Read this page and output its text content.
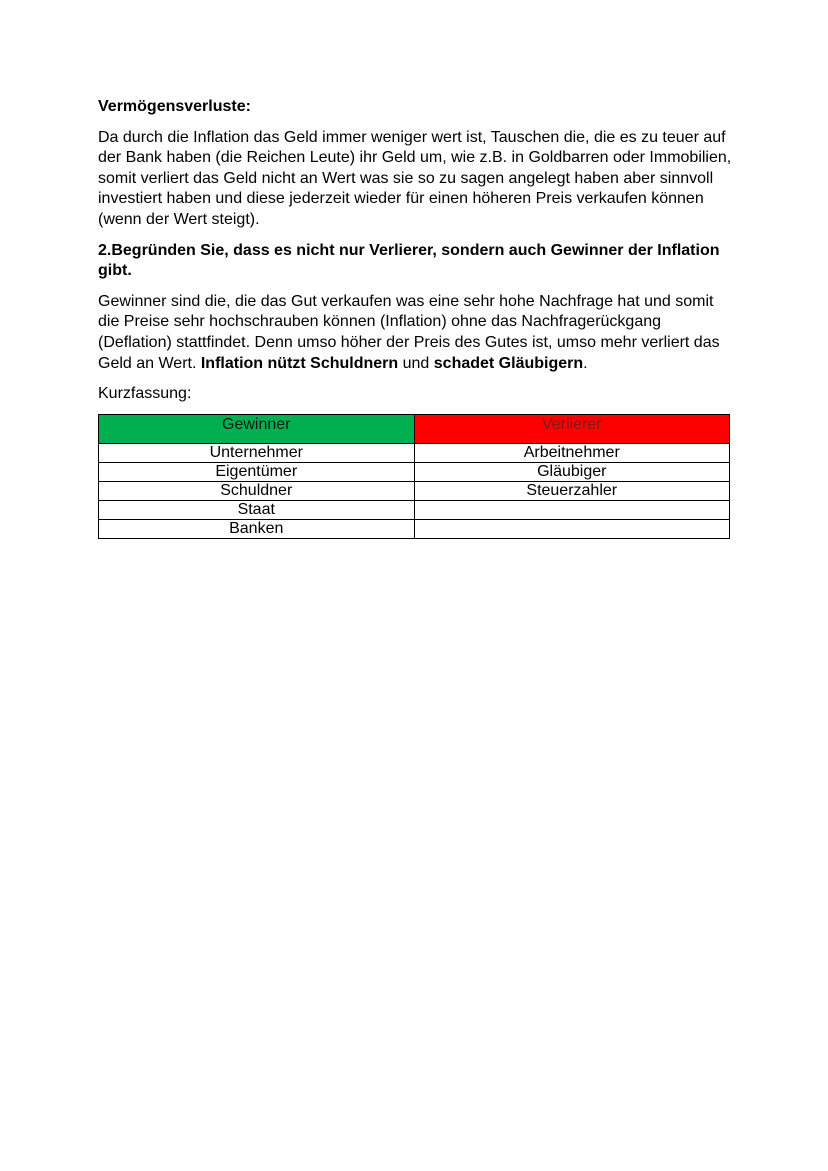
Vermögensverluste:

Da durch die Inflation das Geld immer weniger wert ist, Tauschen die, die es zu teuer auf der Bank haben (die Reichen Leute) ihr Geld um, wie z.B. in Goldbarren oder Immobilien, somit verliert das Geld nicht an Wert was sie so zu sagen angelegt haben aber sinnvoll investiert haben und diese jederzeit wieder für einen höheren Preis verkaufen können (wenn der Wert steigt).

2.Begründen Sie, dass es nicht nur Verlierer, sondern auch Gewinner der Inflation gibt.

Gewinner sind die, die das Gut verkaufen was eine sehr hohe Nachfrage hat und somit die Preise sehr hochschrauben können (Inflation) ohne das Nachfragerückgang (Deflation) stattfindet. Denn umso höher der Preis des Gutes ist, umso mehr verliert das Geld an Wert. Inflation nützt Schuldnern und schadet Gläubigern.

Kurzfassung:

Gewinner	Verlierer
Unternehmer	Arbeitnehmer
Eigentümer	Gläubiger
Schuldner	Steuerzahler
Staat	
Banken	
